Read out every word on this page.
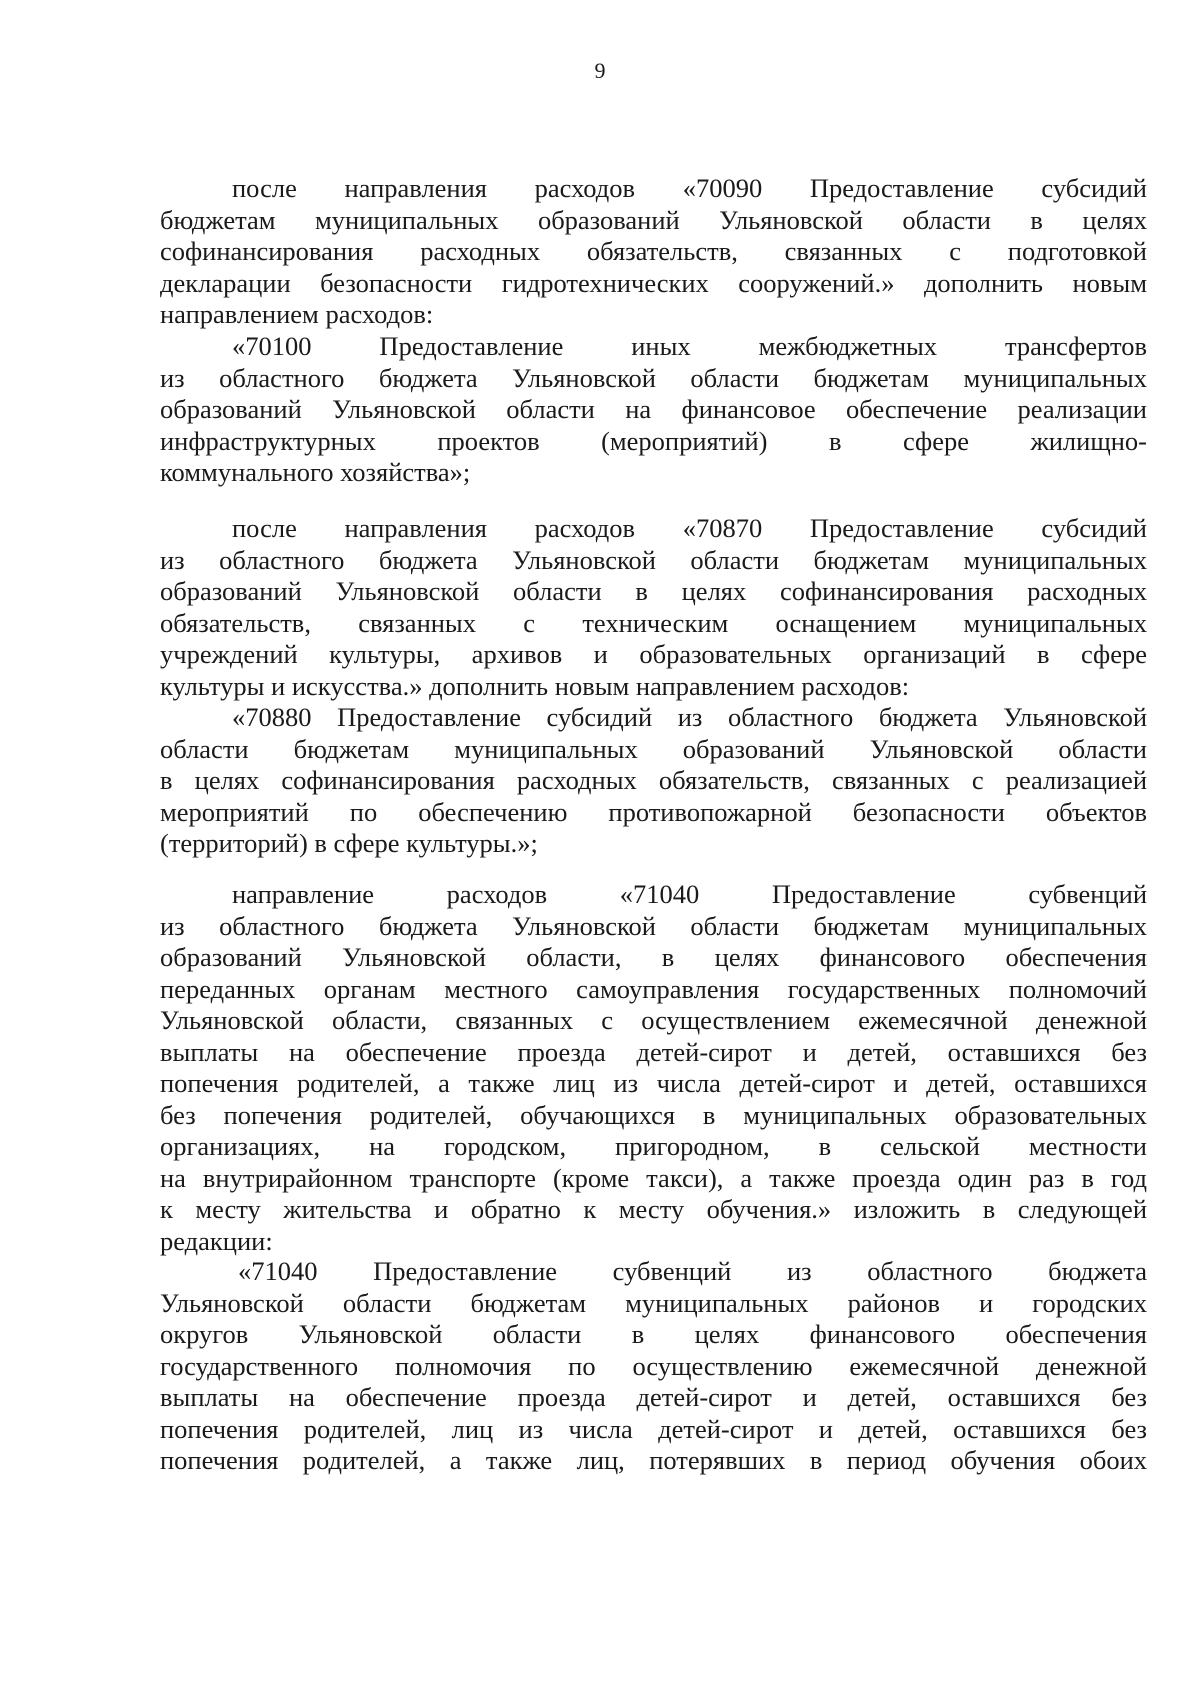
9
после направления расходов «70090 Предоставление субсидий
бюджетам муниципальных образований Ульяновской области в целях
софинансирования расходных обязательств, связанных с подготовкой
декларации безопасности гидротехнических сооружений.» дополнить новым
направлением расходов:
«70100 Предоставление иных межбюджетных трансфертов
из областного бюджета Ульяновской области бюджетам муниципальных
образований Ульяновской области на финансовое обеспечение реализации
инфраструктурных проектов (мероприятий) в сфере жилищно-
коммунального хозяйства»;
после направления расходов «70870 Предоставление субсидий
из областного бюджета Ульяновской области бюджетам муниципальных
образований Ульяновской области в целях софинансирования расходных
обязательств, связанных с техническим оснащением муниципальных
учреждений культуры, архивов и образовательных организаций в сфере
культуры и искусства.» дополнить новым направлением расходов:
«70880 Предоставление субсидий из областного бюджета Ульяновской
области бюджетам муниципальных образований Ульяновской области
в целях софинансирования расходных обязательств, связанных с реализацией
мероприятий по обеспечению противопожарной безопасности объектов
(территорий) в сфере культуры.»;
направление расходов «71040 Предоставление субвенций
из областного бюджета Ульяновской области бюджетам муниципальных
образований Ульяновской области, в целях финансового обеспечения
переданных органам местного самоуправления государственных полномочий
Ульяновской области, связанных с осуществлением ежемесячной денежной
выплаты на обеспечение проезда детей-сирот и детей, оставшихся без
попечения родителей, а также лиц из числа детей-сирот и детей, оставшихся
без попечения родителей, обучающихся в муниципальных образовательных
организациях, на городском, пригородном, в сельской местности
на внутрирайонном транспорте (кроме такси), а также проезда один раз в год
к месту жительства и обратно к месту обучения.» изложить в следующей
редакции:
«71040 Предоставление субвенций из областного бюджета
Ульяновской области бюджетам муниципальных районов и городских
округов Ульяновской области в целях финансового обеспечения
государственного полномочия по осуществлению ежемесячной денежной
выплаты на обеспечение проезда детей-сирот и детей, оставшихся без
попечения родителей, лиц из числа детей-сирот и детей, оставшихся без
попечения родителей, а также лиц, потерявших в период обучения обоих
